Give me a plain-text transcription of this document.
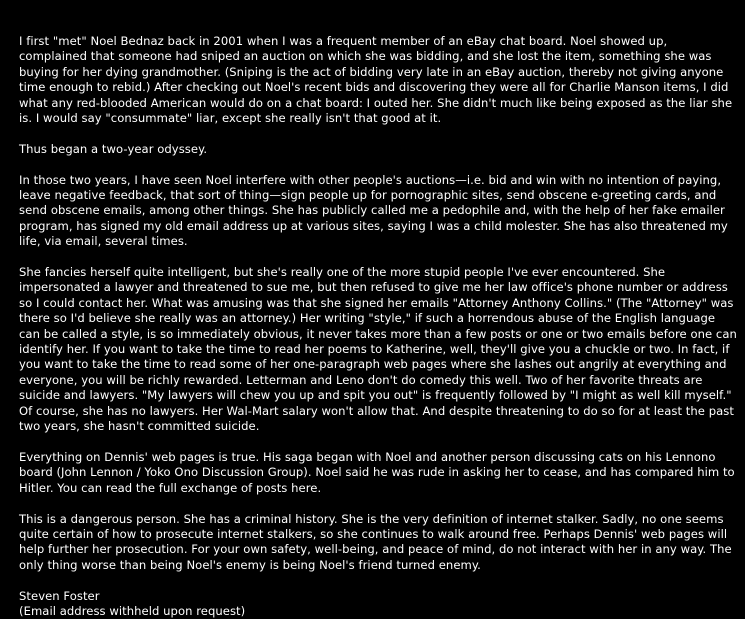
I first "met" Noel Bednaz back in 2001 when I was a frequent member of an eBay chat board. Noel showed up, complained that someone had sniped an auction on which she was bidding, and she lost the item, something she was buying for her dying grandmother. (Sniping is the act of bidding very late in an eBay auction, thereby not giving anyone time enough to rebid.) After checking out Noel's recent bids and discovering they were all for Charlie Manson items, I did what any red-blooded American would do on a chat board: I outed her. She didn't much like being exposed as the liar she is. I would say "consummate" liar, except she really isn't that good at it.

Thus began a two-year odyssey.

In those two years, I have seen Noel interfere with other people's auctions—i.e. bid and win with no intention of paying, leave negative feedback, that sort of thing—sign people up for pornographic sites, send obscene e-greeting cards, and send obscene emails, among other things. She has publicly called me a pedophile and, with the help of her fake emailer program, has signed my old email address up at various sites, saying I was a child molester. She has also threatened my life, via email, several times.

She fancies herself quite intelligent, but she's really one of the more stupid people I've ever encountered. She impersonated a lawyer and threatened to sue me, but then refused to give me her law office's phone number or address so I could contact her. What was amusing was that she signed her emails "Attorney Anthony Collins." (The "Attorney" was there so I'd believe she really was an attorney.) Her writing "style," if such a horrendous abuse of the English language can be called a style, is so immediately obvious, it never takes more than a few posts or one or two emails before one can identify her. If you want to take the time to read her poems to Katherine, well, they'll give you a chuckle or two. In fact, if you want to take the time to read some of her one-paragraph web pages where she lashes out angrily at everything and everyone, you will be richly rewarded. Letterman and Leno don't do comedy this well. Two of her favorite threats are suicide and lawyers. "My lawyers will chew you up and spit you out" is frequently followed by "I might as well kill myself." Of course, she has no lawyers. Her Wal-Mart salary won't allow that. And despite threatening to do so for at least the past two years, she hasn't committed suicide.

Everything on Dennis' web pages is true. His saga began with Noel and another person discussing cats on his Lennono board (John Lennon / Yoko Ono Discussion Group). Noel said he was rude in asking her to cease, and has compared him to Hitler. You can read the full exchange of posts here.

This is a dangerous person. She has a criminal history. She is the very definition of internet stalker. Sadly, no one seems quite certain of how to prosecute internet stalkers, so she continues to walk around free. Perhaps Dennis' web pages will help further her prosecution. For your own safety, well-being, and peace of mind, do not interact with her in any way. The only thing worse than being Noel's enemy is being Noel's friend turned enemy.

Steven Foster
(Email address withheld upon request)
